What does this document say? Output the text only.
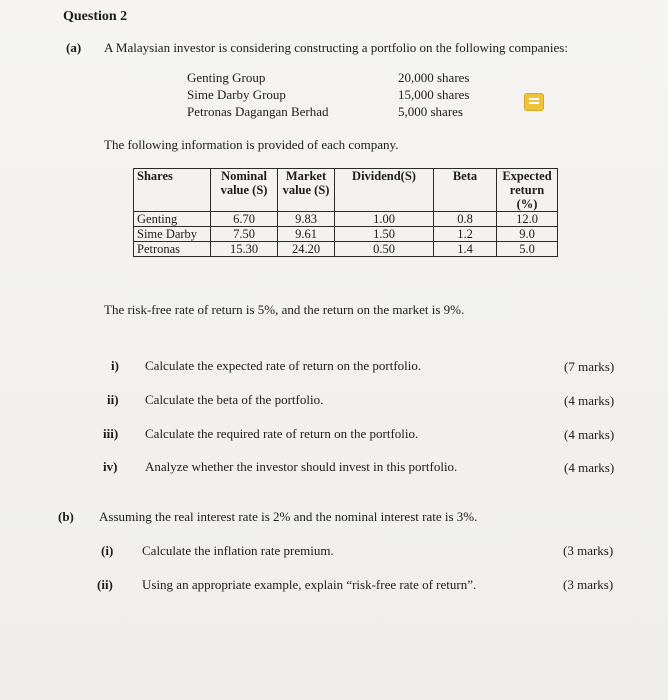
Question 2
(a) A Malaysian investor is considering constructing a portfolio on the following companies:
Genting Group	20,000 shares
Sime Darby Group	15,000 shares
Petronas Dagangan Berhad	5,000 shares
The following information is provided of each company.
Shares	Nominal value (S)	Market value (S)	Dividend(S)	Beta	Expected return (%)
Genting	6.70	9.83	1.00	0.8	12.0
Sime Darby	7.50	9.61	1.50	1.2	9.0
Petronas	15.30	24.20	0.50	1.4	5.0
The risk-free rate of return is 5%, and the return on the market is 9%.
i) Calculate the expected rate of return on the portfolio.	(7 marks)
ii) Calculate the beta of the portfolio.	(4 marks)
iii) Calculate the required rate of return on the portfolio.	(4 marks)
iv) Analyze whether the investor should invest in this portfolio.	(4 marks)
(b) Assuming the real interest rate is 2% and the nominal interest rate is 3%.
(i) Calculate the inflation rate premium.	(3 marks)
(ii) Using an appropriate example, explain “risk-free rate of return”.	(3 marks)
